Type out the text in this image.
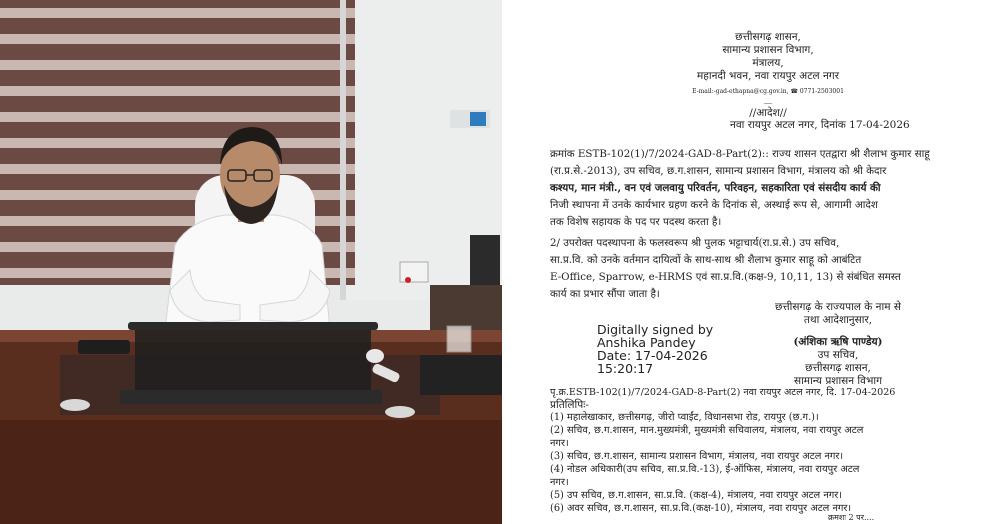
छत्तीसगढ़ शासन,
सामान्य प्रशासन विभाग,
मंत्रालय,
महानदी भवन, नवा रायपुर अटल नगर
E-mail:-gad-ethapna@cg.gov.in, ☎ 0771-2503001
----
//आदेश//
नवा रायपुर अटल नगर, दिनांक 17-04-2026
क्रमांक ESTB-102(1)/7/2024-GAD-8-Part(2):: राज्य शासन एतद्वारा श्री शैलाभ कुमार साहू
(रा.प्र.से.-2013), उप सचिव, छ.ग.शासन, सामान्य प्रशासन विभाग, मंत्रालय को श्री केदार
कश्यप, मान मंत्री., वन एवं जलवायु परिवर्तन, परिवहन, सहकारिता एवं संसदीय कार्य की
निजी स्थापना में उनके कार्यभार ग्रहण करने के दिनांक से, अस्थाई रूप से, आगामी आदेश
तक विशेष सहायक के पद पर पदस्थ करता है।
2/ उपरोक्त पदस्थापना के फलस्वरूप श्री पुलक भट्टाचार्य(रा.प्र.से.) उप सचिव,
सा.प्र.वि. को उनके वर्तमान दायित्वों के साथ-साथ श्री शैलाभ कुमार साहू को आबंटित
E-Office, Sparrow, e-HRMS एवं सा.प्र.वि.(कक्ष-9, 10,11, 13) से संबंधित समस्त
कार्य का प्रभार सौंपा जाता है।
छत्तीसगढ़ के राज्यपाल के नाम से
तथा आदेशानुसार,
Digitally signed by
Anshika Pandey
Date: 17-04-2026
15:20:17
(अंशिका ऋषि पाण्डेय)
उप सचिव,
छत्तीसगढ़ शासन,
सामान्य प्रशासन विभाग
पृ.क्र.ESTB-102(1)/7/2024-GAD-8-Part(2) नवा रायपुर अटल नगर, दि. 17-04-2026
प्रतिलिपिः-
(1) महालेखाकार, छत्तीसगढ़, जीरो प्वाईंट, विधानसभा रोड, रायपुर (छ.ग.)।
(2) सचिव, छ.ग.शासन, मान.मुख्यमंत्री, मुख्यमंत्री सचिवालय, मंत्रालय, नवा रायपुर अटल
नगर।
(3) सचिव, छ.ग.शासन, सामान्य प्रशासन विभाग, मंत्रालय, नवा रायपुर अटल नगर।
(4) नोडल अधिकारी(उप सचिव, सा.प्र.वि.-13), ई-ऑफिस, मंत्रालय, नवा रायपुर अटल
नगर।
(5) उप सचिव, छ.ग.शासन, सा.प्र.वि. (कक्ष-4), मंत्रालय, नवा रायपुर अटल नगर।
(6) अवर सचिव, छ.ग.शासन, सा.प्र.वि.(कक्ष-10), मंत्रालय, नवा रायपुर अटल नगर।
क्रमशः 2 पर....
